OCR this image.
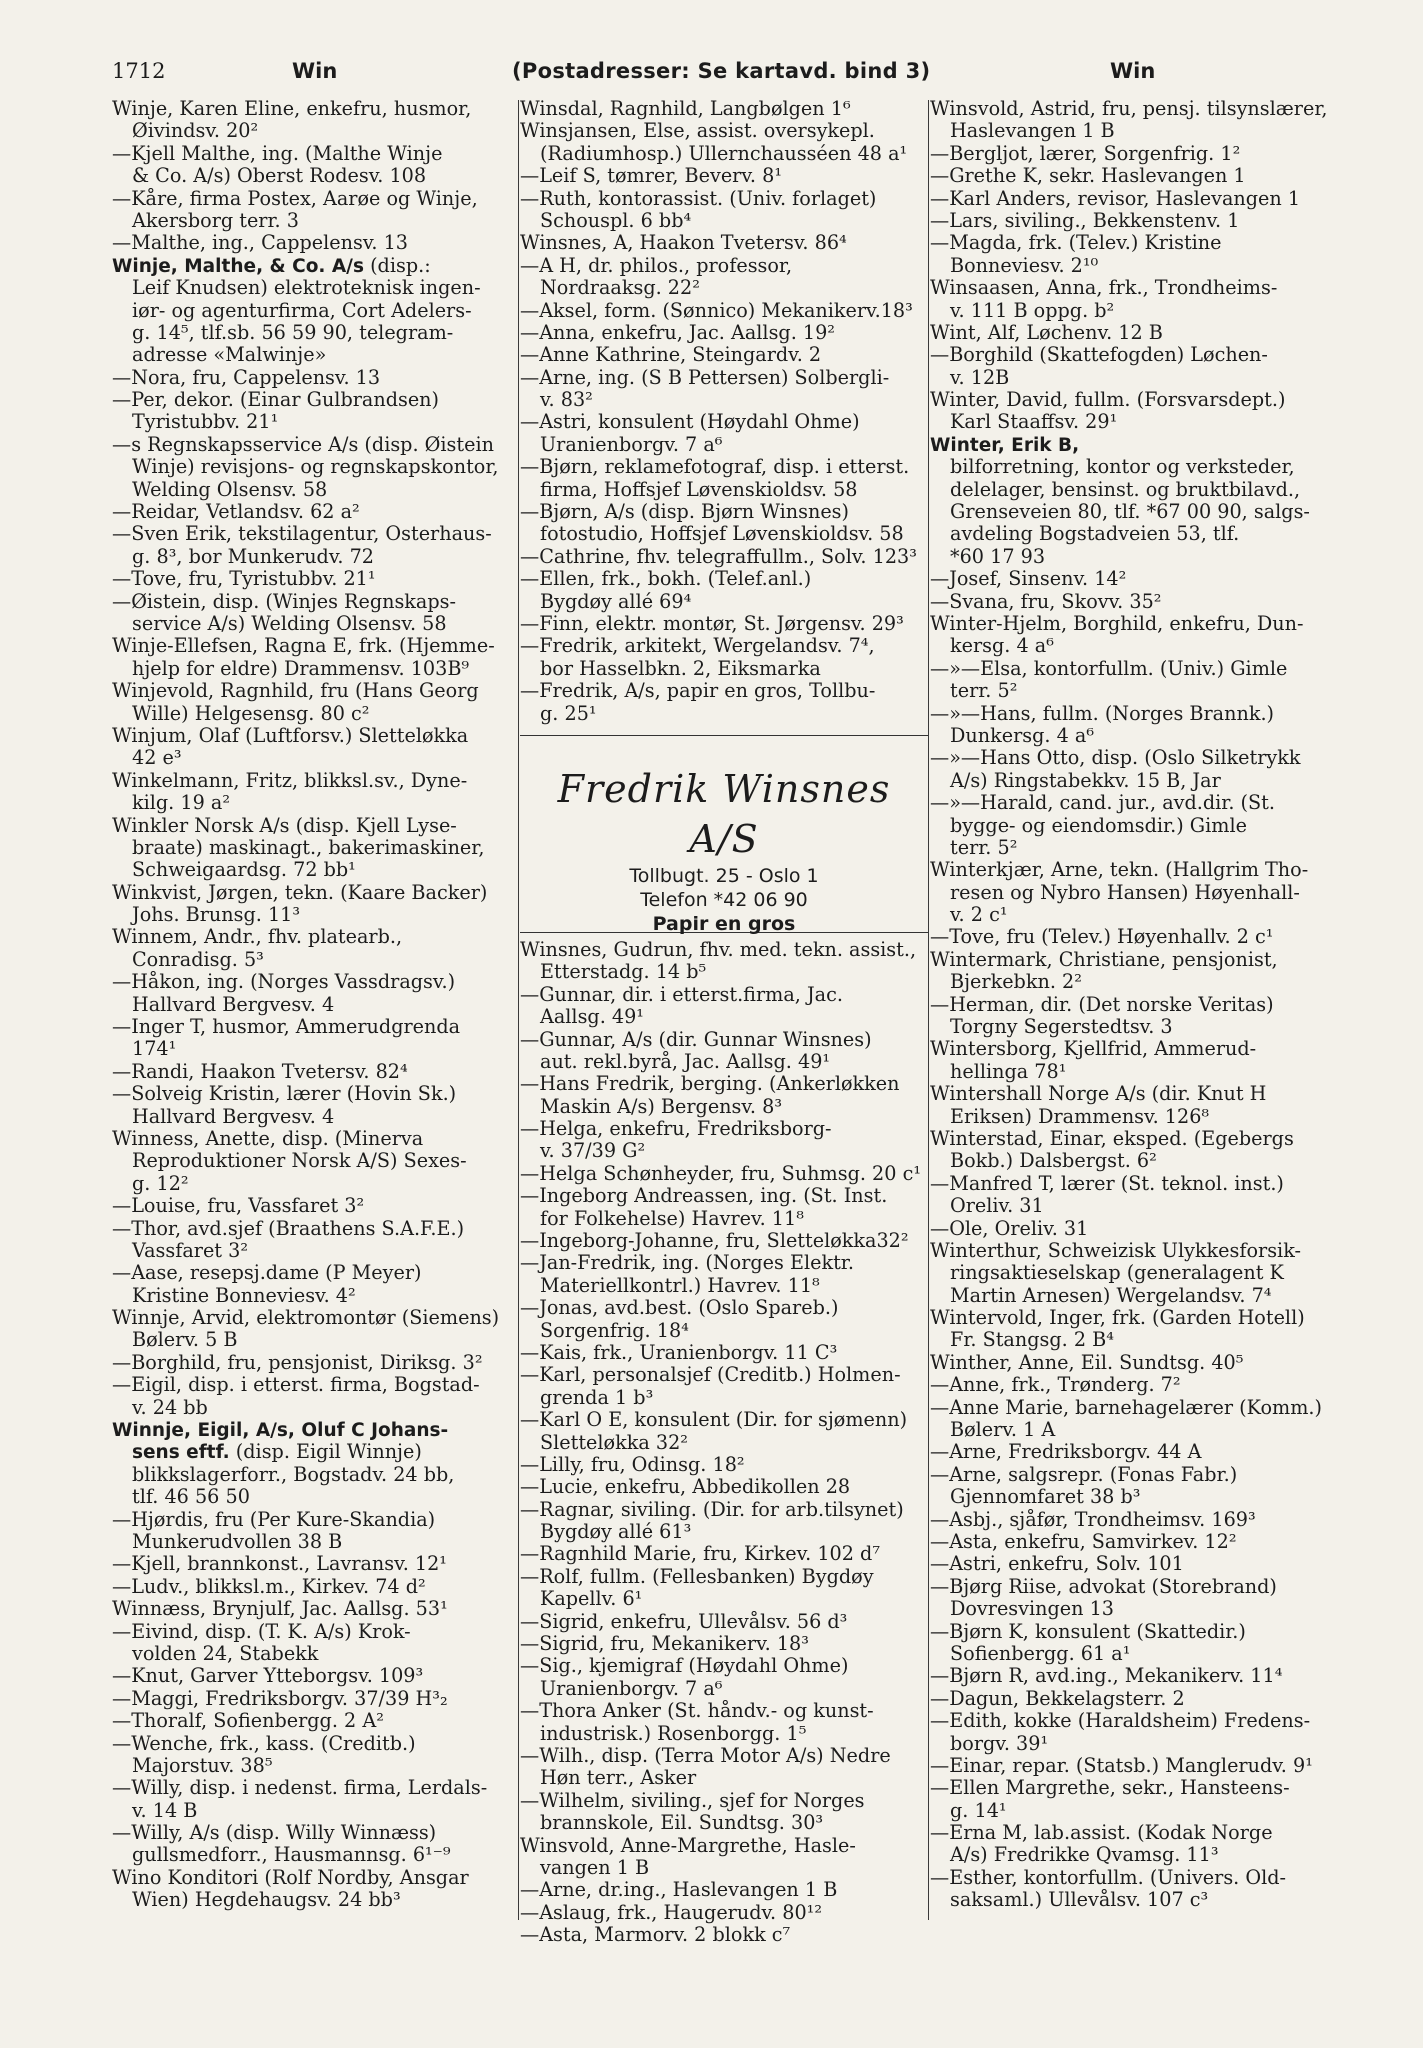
1712	Win	(Postadresser: Se kartavd. bind 3)	Win
Winje, Karen Eline, enkefru, husmor,
Øivindsv. 20²
—Kjell Malthe, ing. (Malthe Winje
& Co. A/s) Oberst Rodesv. 108
—Kåre, firma Postex, Aarøe og Winje,
Akersborg terr. 3
—Malthe, ing., Cappelensv. 13
Winje, Malthe, & Co. A/s (disp.:
Leif Knudsen) elektroteknisk ingen-
iør- og agenturfirma, Cort Adelers-
g. 14⁵, tlf.sb. 56 59 90, telegram-
adresse «Malwinje»
—Nora, fru, Cappelensv. 13
—Per, dekor. (Einar Gulbrandsen)
Tyristubbv. 21¹
—s Regnskapsservice A/s (disp. Øistein
Winje) revisjons- og regnskapskontor,
Welding Olsensv. 58
—Reidar, Vetlandsv. 62 a²
—Sven Erik, tekstilagentur, Osterhaus-
g. 8³, bor Munkerudv. 72
—Tove, fru, Tyristubbv. 21¹
—Øistein, disp. (Winjes Regnskaps-
service A/s) Welding Olsensv. 58
Winje-Ellefsen, Ragna E, frk. (Hjemme-
hjelp for eldre) Drammensv. 103B⁹
Winjevold, Ragnhild, fru (Hans Georg
Wille) Helgesensg. 80 c²
Winjum, Olaf (Luftforsv.) Sletteløkka
42 e³
Winkelmann, Fritz, blikksl.sv., Dyne-
kilg. 19 a²
Winkler Norsk A/s (disp. Kjell Lyse-
braate) maskinagt., bakerimaskiner,
Schweigaardsg. 72 bb¹
Winkvist, Jørgen, tekn. (Kaare Backer)
Johs. Brunsg. 11³
Winnem, Andr., fhv. platearb.,
Conradisg. 5³
—Håkon, ing. (Norges Vassdragsv.)
Hallvard Bergvesv. 4
—Inger T, husmor, Ammerudgrenda
174¹
—Randi, Haakon Tvetersv. 82⁴
—Solveig Kristin, lærer (Hovin Sk.)
Hallvard Bergvesv. 4
Winness, Anette, disp. (Minerva
Reproduktioner Norsk A/S) Sexes-
g. 12²
—Louise, fru, Vassfaret 3²
—Thor, avd.sjef (Braathens S.A.F.E.)
Vassfaret 3²
—Aase, resepsj.dame (P Meyer)
Kristine Bonneviesv. 4²
Winnje, Arvid, elektromontør (Siemens)
Bølerv. 5 B
—Borghild, fru, pensjonist, Diriksg. 3²
—Eigil, disp. i etterst. firma, Bogstad-
v. 24 bb
Winnje, Eigil, A/s, Oluf C Johans-
sens eftf. (disp. Eigil Winnje)
blikkslagerforr., Bogstadv. 24 bb,
tlf. 46 56 50
—Hjørdis, fru (Per Kure-Skandia)
Munkerudvollen 38 B
—Kjell, brannkonst., Lavransv. 12¹
—Ludv., blikksl.m., Kirkev. 74 d²
Winnæss, Brynjulf, Jac. Aallsg. 53¹
—Eivind, disp. (T. K. A/s) Krok-
volden 24, Stabekk
—Knut, Garver Ytteborgsv. 109³
—Maggi, Fredriksborgv. 37/39 H³₂
—Thoralf, Sofienbergg. 2 A²
—Wenche, frk., kass. (Creditb.)
Majorstuv. 38⁵
—Willy, disp. i nedenst. firma, Lerdals-
v. 14 B
—Willy, A/s (disp. Willy Winnæss)
gullsmedforr., Hausmannsg. 6¹⁻⁹
Wino Konditori (Rolf Nordby, Ansgar
Wien) Hegdehaugsv. 24 bb³
Winsdal, Ragnhild, Langbølgen 1⁶
Winsjansen, Else, assist. oversykepl.
(Radiumhosp.) Ullernchausséen 48 a¹
—Leif S, tømrer, Beverv. 8¹
—Ruth, kontorassist. (Univ. forlaget)
Schouspl. 6 bb⁴
Winsnes, A, Haakon Tvetersv. 86⁴
—A H, dr. philos., professor,
Nordraaksg. 22²
—Aksel, form. (Sønnico) Mekanikerv.18³
—Anna, enkefru, Jac. Aallsg. 19²
—Anne Kathrine, Steingardv. 2
—Arne, ing. (S B Pettersen) Solbergli-
v. 83²
—Astri, konsulent (Høydahl Ohme)
Uranienborgv. 7 a⁶
—Bjørn, reklamefotograf, disp. i etterst.
firma, Hoffsjef Løvenskioldsv. 58
—Bjørn, A/s (disp. Bjørn Winsnes)
fotostudio, Hoffsjef Løvenskioldsv. 58
—Cathrine, fhv. telegraffullm., Solv. 123³
—Ellen, frk., bokh. (Telef.anl.)
Bygdøy allé 69⁴
—Finn, elektr. montør, St. Jørgensv. 29³
—Fredrik, arkitekt, Wergelandsv. 7⁴,
bor Hasselbkn. 2, Eiksmarka
—Fredrik, A/s, papir en gros, Tollbu-
g. 25¹
Fredrik Winsnes A/S
Tollbugt. 25 - Oslo 1
Telefon *42 06 90
Papir en gros
Winsnes, Gudrun, fhv. med. tekn. assist.,
Etterstadg. 14 b⁵
—Gunnar, dir. i etterst.firma, Jac.
Aallsg. 49¹
—Gunnar, A/s (dir. Gunnar Winsnes)
aut. rekl.byrå, Jac. Aallsg. 49¹
—Hans Fredrik, berging. (Ankerløkken
Maskin A/s) Bergensv. 8³
—Helga, enkefru, Fredriksborg-
v. 37/39 G²
—Helga Schønheyder, fru, Suhmsg. 20 c¹
—Ingeborg Andreassen, ing. (St. Inst.
for Folkehelse) Havrev. 11⁸
—Ingeborg-Johanne, fru, Sletteløkka32²
—Jan-Fredrik, ing. (Norges Elektr.
Materiellkontrl.) Havrev. 11⁸
—Jonas, avd.best. (Oslo Spareb.)
Sorgenfrig. 18⁴
—Kais, frk., Uranienborgv. 11 C³
—Karl, personalsjef (Creditb.) Holmen-
grenda 1 b³
—Karl O E, konsulent (Dir. for sjømenn)
Sletteløkka 32²
—Lilly, fru, Odinsg. 18²
—Lucie, enkefru, Abbedikollen 28
—Ragnar, siviling. (Dir. for arb.tilsynet)
Bygdøy allé 61³
—Ragnhild Marie, fru, Kirkev. 102 d⁷
—Rolf, fullm. (Fellesbanken) Bygdøy
Kapellv. 6¹
—Sigrid, enkefru, Ullevålsv. 56 d³
—Sigrid, fru, Mekanikerv. 18³
—Sig., kjemigraf (Høydahl Ohme)
Uranienborgv. 7 a⁶
—Thora Anker (St. håndv.- og kunst-
industrisk.) Rosenborgg. 1⁵
—Wilh., disp. (Terra Motor A/s) Nedre
Høn terr., Asker
—Wilhelm, siviling., sjef for Norges
brannskole, Eil. Sundtsg. 30³
Winsvold, Anne-Margrethe, Hasle-
vangen 1 B
—Arne, dr.ing., Haslevangen 1 B
—Aslaug, frk., Haugerudv. 80¹²
—Asta, Marmorv. 2 blokk c⁷
Winsvold, Astrid, fru, pensj. tilsynslærer,
Haslevangen 1 B
—Bergljot, lærer, Sorgenfrig. 1²
—Grethe K, sekr. Haslevangen 1
—Karl Anders, revisor, Haslevangen 1
—Lars, siviling., Bekkenstenv. 1
—Magda, frk. (Telev.) Kristine
Bonneviesv. 2¹⁰
Winsaasen, Anna, frk., Trondheims-
v. 111 B oppg. b²
Wint, Alf, Løchenv. 12 B
—Borghild (Skattefogden) Løchen-
v. 12B
Winter, David, fullm. (Forsvarsdept.)
Karl Staaffsv. 29¹
Winter, Erik B,
bilforretning, kontor og verksteder,
delelager, bensinst. og bruktbilavd.,
Grenseveien 80, tlf. *67 00 90, salgs-
avdeling Bogstadveien 53, tlf.
*60 17 93
—Josef, Sinsenv. 14²
—Svana, fru, Skovv. 35²
Winter-Hjelm, Borghild, enkefru, Dun-
kersg. 4 a⁶
—»—Elsa, kontorfullm. (Univ.) Gimle
terr. 5²
—»—Hans, fullm. (Norges Brannk.)
Dunkersg. 4 a⁶
—»—Hans Otto, disp. (Oslo Silketrykk
A/s) Ringstabekkv. 15 B, Jar
—»—Harald, cand. jur., avd.dir. (St.
bygge- og eiendomsdir.) Gimle
terr. 5²
Winterkjær, Arne, tekn. (Hallgrim Tho-
resen og Nybro Hansen) Høyenhall-
v. 2 c¹
—Tove, fru (Telev.) Høyenhallv. 2 c¹
Wintermark, Christiane, pensjonist,
Bjerkebkn. 2²
—Herman, dir. (Det norske Veritas)
Torgny Segerstedtsv. 3
Wintersborg, Kjellfrid, Ammerud-
hellinga 78¹
Wintershall Norge A/s (dir. Knut H
Eriksen) Drammensv. 126⁸
Winterstad, Einar, eksped. (Egebergs
Bokb.) Dalsbergst. 6²
—Manfred T, lærer (St. teknol. inst.)
Oreliv. 31
—Ole, Oreliv. 31
Winterthur, Schweizisk Ulykkesforsik-
ringsaktieselskap (generalagent K
Martin Arnesen) Wergelandsv. 7⁴
Wintervold, Inger, frk. (Garden Hotell)
Fr. Stangsg. 2 B⁴
Winther, Anne, Eil. Sundtsg. 40⁵
—Anne, frk., Trønderg. 7²
—Anne Marie, barnehagelærer (Komm.)
Bølerv. 1 A
—Arne, Fredriksborgv. 44 A
—Arne, salgsrepr. (Fonas Fabr.)
Gjennomfaret 38 b³
—Asbj., sjåfør, Trondheimsv. 169³
—Asta, enkefru, Samvirkev. 12²
—Astri, enkefru, Solv. 101
—Bjørg Riise, advokat (Storebrand)
Dovresvingen 13
—Bjørn K, konsulent (Skattedir.)
Sofienbergg. 61 a¹
—Bjørn R, avd.ing., Mekanikerv. 11⁴
—Dagun, Bekkelagsterr. 2
—Edith, kokke (Haraldsheim) Fredens-
borgv. 39¹
—Einar, repar. (Statsb.) Manglerudv. 9¹
—Ellen Margrethe, sekr., Hansteens-
g. 14¹
—Erna M, lab.assist. (Kodak Norge
A/s) Fredrikke Qvamsg. 11³
—Esther, kontorfullm. (Univers. Old-
saksaml.) Ullevålsv. 107 c³
